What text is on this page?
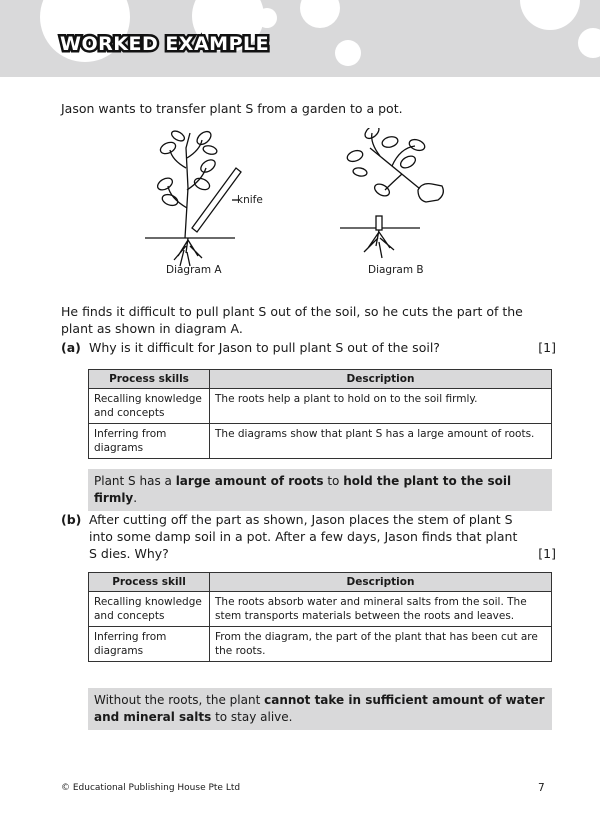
WORKED EXAMPLE
Jason wants to transfer plant S from a garden to a pot.
knife
Diagram A	Diagram B
He finds it difficult to pull plant S out of the soil, so he cuts the part of the plant as shown in diagram A.
(a) Why is it difficult for Jason to pull plant S out of the soil?	[1]
Process skills	Description
Recalling knowledge and concepts	The roots help a plant to hold on to the soil firmly.
Inferring from diagrams	The diagrams show that plant S has a large amount of roots.
Plant S has a large amount of roots to hold the plant to the soil firmly.
(b) After cutting off the part as shown, Jason places the stem of plant S into some damp soil in a pot. After a few days, Jason finds that plant S dies. Why?	[1]
Process skill	Description
Recalling knowledge and concepts	The roots absorb water and mineral salts from the soil. The stem transports materials between the roots and leaves.
Inferring from diagrams	From the diagram, the part of the plant that has been cut are the roots.
Without the roots, the plant cannot take in sufficient amount of water and mineral salts to stay alive.
© Educational Publishing House Pte Ltd	7
